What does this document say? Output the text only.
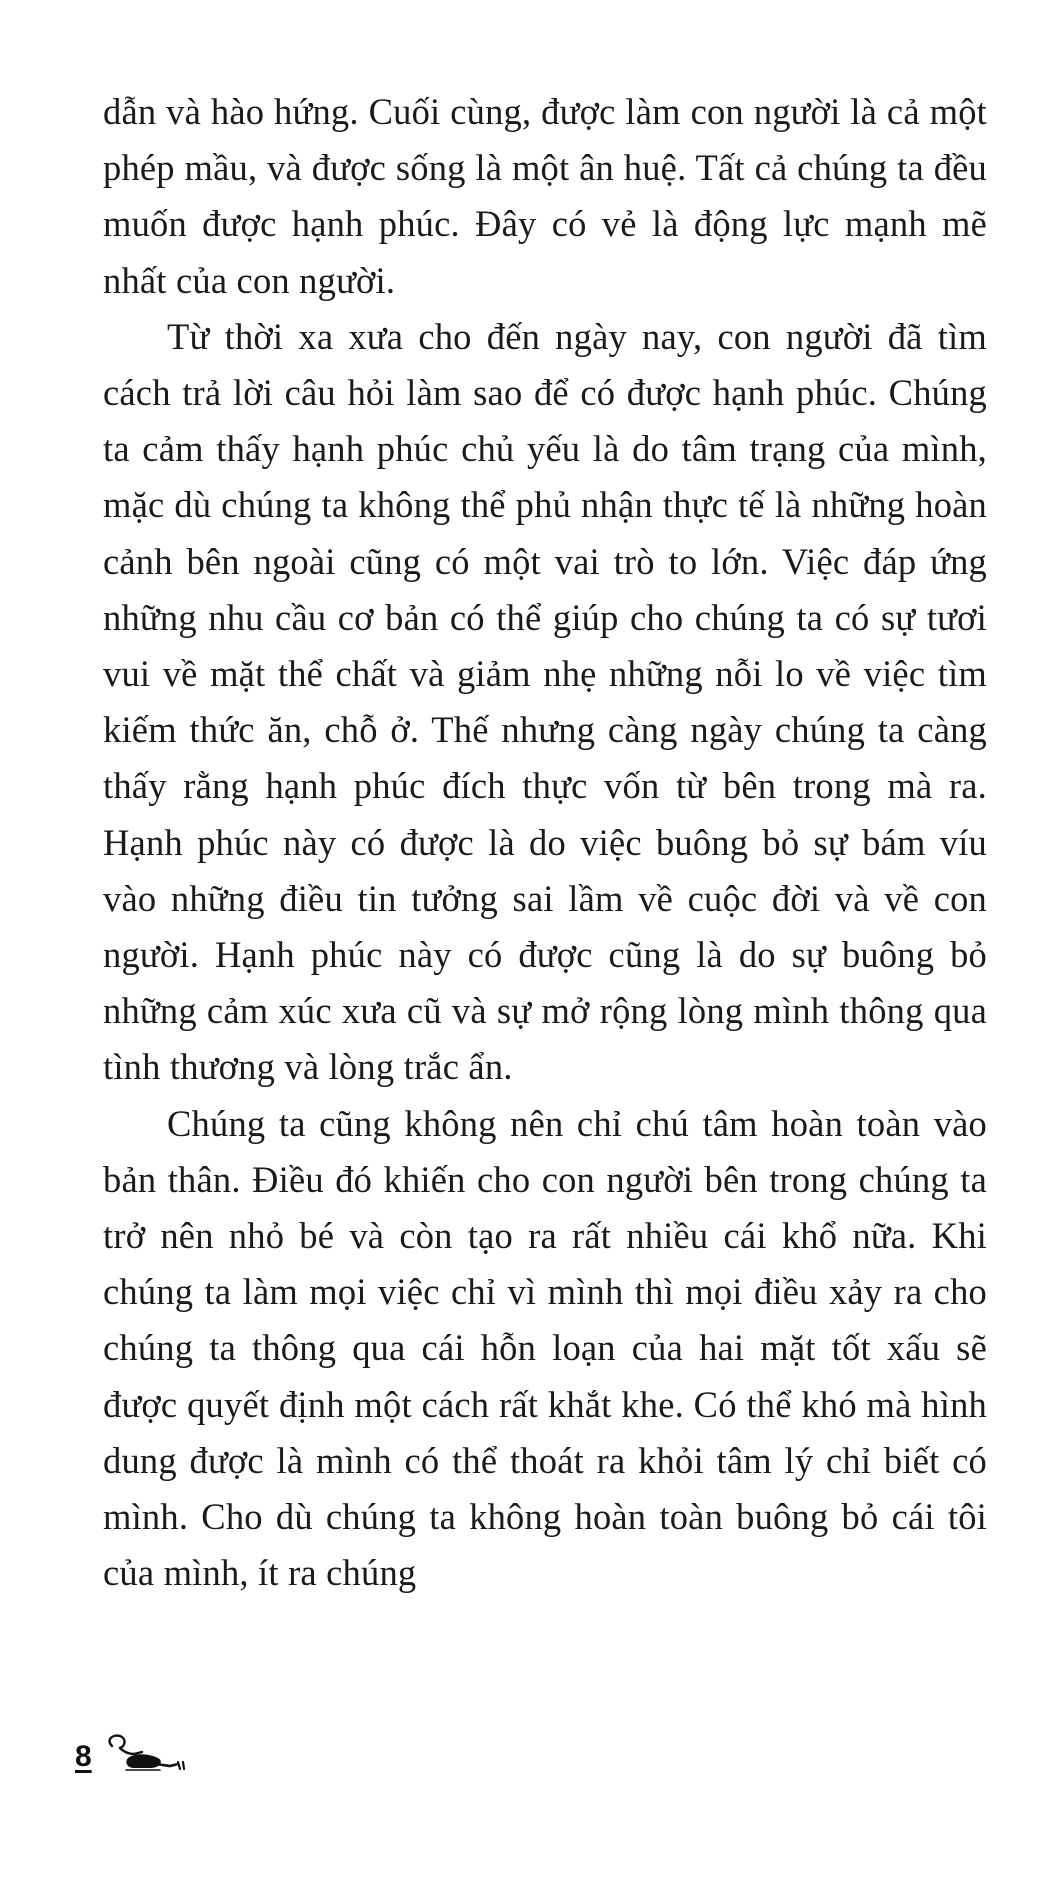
dẫn và hào hứng. Cuối cùng, được làm con người là cả một phép mầu, và được sống là một ân huệ. Tất cả chúng ta đều muốn được hạnh phúc. Đây có vẻ là động lực mạnh mẽ nhất của con người.

Từ thời xa xưa cho đến ngày nay, con người đã tìm cách trả lời câu hỏi làm sao để có được hạnh phúc. Chúng ta cảm thấy hạnh phúc chủ yếu là do tâm trạng của mình, mặc dù chúng ta không thể phủ nhận thực tế là những hoàn cảnh bên ngoài cũng có một vai trò to lớn. Việc đáp ứng những nhu cầu cơ bản có thể giúp cho chúng ta có sự tươi vui về mặt thể chất và giảm nhẹ những nỗi lo về việc tìm kiếm thức ăn, chỗ ở. Thế nhưng càng ngày chúng ta càng thấy rằng hạnh phúc đích thực vốn từ bên trong mà ra. Hạnh phúc này có được là do việc buông bỏ sự bám víu vào những điều tin tưởng sai lầm về cuộc đời và về con người. Hạnh phúc này có được cũng là do sự buông bỏ những cảm xúc xưa cũ và sự mở rộng lòng mình thông qua tình thương và lòng trắc ẩn.

Chúng ta cũng không nên chỉ chú tâm hoàn toàn vào bản thân. Điều đó khiến cho con người bên trong chúng ta trở nên nhỏ bé và còn tạo ra rất nhiều cái khổ nữa. Khi chúng ta làm mọi việc chỉ vì mình thì mọi điều xảy ra cho chúng ta thông qua cái hỗn loạn của hai mặt tốt xấu sẽ được quyết định một cách rất khắt khe. Có thể khó mà hình dung được là mình có thể thoát ra khỏi tâm lý chỉ biết có mình. Cho dù chúng ta không hoàn toàn buông bỏ cái tôi của mình, ít ra chúng

8
